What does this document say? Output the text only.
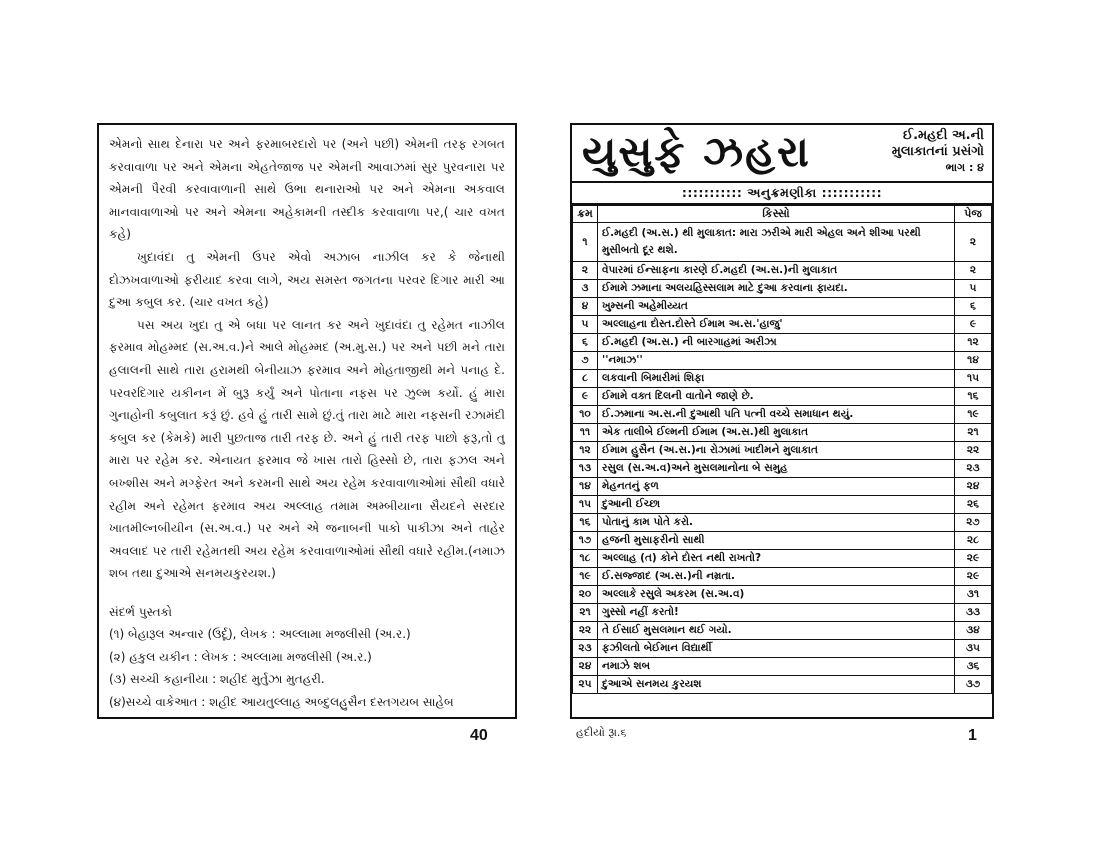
એમનો સાથ દેનારા પર અને ફરમાબરદારો પર (અને પછી) એમની તરફ રગબત કરવાવાળા પર અને એમના એહતેજાજ પર એમની આવાઝમાં સુર પુરવનારા પર એમની પૈરવી કરવાવાળાની સાથે ઉભા થનારાઓ પર અને એમના અકવાલ માનવાવાળાઓ પર અને એમના અહેકામની તસ્દીક કરવાવાળા પર,( ચાર વખત કહે)

ખુદાવંદા તુ એમની ઉપર એવો અઝાબ નાઝીલ કર કે જેનાથી દોઝખવાળાઓ ફરીયાદ કરવા લાગે, અય સમસ્ત જગતના પરવર દિગાર મારી આ દુઆ કબુલ કર. (ચાર વખત કહે)

પસ અય ખુદા તુ એ બધા પર લાનત કર અને ખુદાવંદા તુ રહેમત નાઝીલ ફરમાવ મોહમ્મદ (સ.અ.વ.)ને આલે મોહમ્મદ (અ.મુ.સ.) પર અને પછી મને તારા હલાલની સાથે તારા હરામથી બેનીયાઝ ફરમાવ અને મોહતાજીથી મને પનાહ દે. પરવરદિગાર યકીનન મેં બુરૂ કર્યું અને પોતાના નફસ પર ઝુલ્મ કર્યો. હું મારા ગુનાહોની કબુલાત કરૂં છું. હવે હું તારી સામે છું.તું તારા માટે મારા નફસની રઝામંદી કબુલ કર (કેમકે) મારી પુછતાજ તારી તરફ છે. અને હું તારી તરફ પાછો ફરૂ,તો તુ મારા પર રહેમ કર. એનાયત ફરમાવ જે ખાસ તારો હિસ્સો છે, તારા ફઝલ અને બખ્શીસ અને મગ્ફેરત અને કરમની સાથે અય રહેમ કરવાવાળાઓમાં સૌથી વધારે રહીમ અને રહેમત ફરમાવ અય અલ્લાહ તમામ અમ્બીયાના સૈયદને સરદાર ખાતમીલ્નબીયીન (સ.અ.વ.) પર અને એ જનાબની પાકો પાકીઝા અને તાહેર અવલાદ પર તારી રહેમતથી અય રહેમ કરવાવાળાઓમાં સૌથી વધારે રહીમ.(નમાઝ શબ તથા દુઆએ સનમયકુરયશ.)

સંદર્ભ પુસ્તકો
(૧) બેહારૂલ અન્વાર (ઉર્દૂ), લેખક : અલ્લામા મજલીસી (અ.ર.)
(૨) હકુલ યકીન : લેખક : અલ્લામા મજલીસી (અ.ર.)
(૩) સચ્ચી કહાનીયા : શહીદ મુર્તુઝા મુતહરી.
(૪)સચ્ચે વાકેઆત : શહીદ આયતુલ્લાહ અબ્દુલહુસૈન દસ્તગયબ સાહેબ
40
યુસુફે ઝહરા	ઈ.મહદી અ.ની
મુલાકાતનાં પ્રસંગો
ભાગ : ૪
::::::::::: અનુક્રમણીકા :::::::::::
ક્રમ	કિસ્સો	પેજ
૧	ઈ.મહદી (અ.સ.) થી મુલાકાત: મારા ઝરીએ મારી એહલ અને શીઆ પરથી મુસીબતો દૂર થશે.	૨
૨	વેપારમાં ઈન્સાફના કારણે ઈ.મહદી (અ.સ.)ની મુલાકાત	૨
૩	ઈમામે ઝમાના અલયહિસ્સલામ માટે દુઆ કરવાના ફાયદા.	૫
૪	ખુમ્સની અહેમીય્યત	૬
૫	અલ્લાહના દોસ્ત.દોસ્તે ઈમામ અ.સ.'હાજુ'	૯
૬	ઈ.મહદી (અ.સ.) ની બારગાહમાં અરીઝા	૧૨
૭	''નમાઝ''	૧૪
૮	લકવાની બિમારીમાં શિફા	૧૫
૯	ઈમામે વક્ત દિલની વાતોને જાણે છે.	૧૬
૧૦	ઈ.ઝમાના અ.સ.ની દુઆથી પતિ પત્ની વચ્ચે સમાધાન થયું.	૧૯
૧૧	એક તાલીબે ઈલ્મની ઈમામ (અ.સ.)થી મુલાકાત	૨૧
૧૨	ઈમામ હુસૈન (અ.સ.)ના રોઝામાં ખાદીમને મુલાકાત	૨૨
૧૩	રસુલ (સ.અ.વ)અને મુસલમાનોના બે સમુહ	૨૩
૧૪	મેહનતનું ફળ	૨૪
૧૫	દુઆની ઈચ્છા	૨૬
૧૬	પોતાનું કામ પોતે કરો.	૨૭
૧૭	હજની મુસાફરીનો સાથી	૨૮
૧૮	અલ્લાહ (ત) કોને દોસ્ત નથી રાખતો?	૨૯
૧૯	ઈ.સજ્જાદ (અ.સ.)ની નમ્રતા.	૨૯
૨૦	અલ્લાકે રસુલે અકરમ (સ.અ.વ)	૩૧
૨૧	ગુસ્સો નહીં કરતો!	૩૩
૨૨	તે ઈસાઈ મુસલમાન થઈ ગયો.	૩૪
૨૩	ફઝીલતો બેઈમાન વિદ્યાર્થી	૩૫
૨૪	નમાઝે શબ	૩૬
૨૫	દુઆએ સનમય કુરયશ	૩૭
હદીયો રૂા.૬	1
